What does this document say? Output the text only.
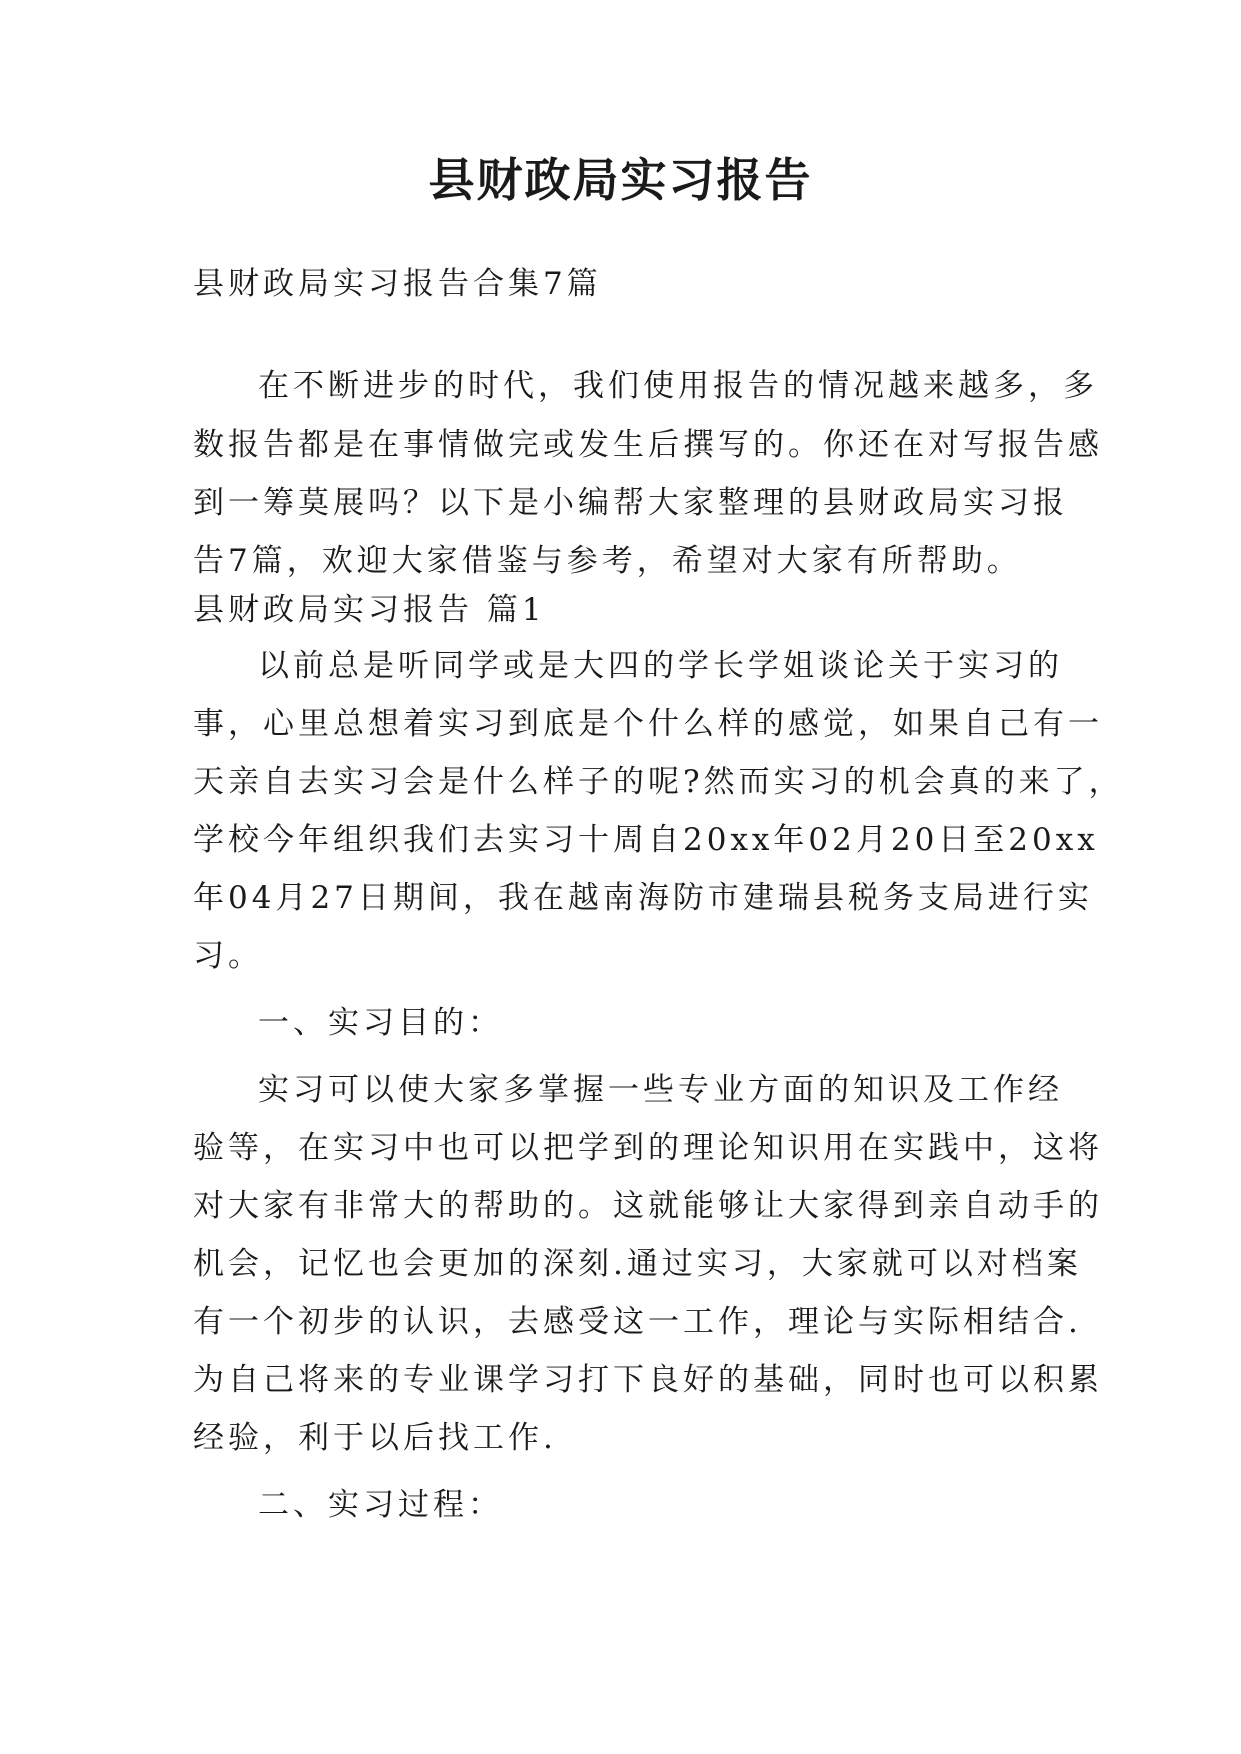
县财政局实习报告
县财政局实习报告合集7篇
在不断进步的时代，我们使用报告的情况越来越多，多
数报告都是在事情做完或发生后撰写的。你还在对写报告感
到一筹莫展吗？以下是小编帮大家整理的县财政局实习报
告7篇，欢迎大家借鉴与参考，希望对大家有所帮助。
县财政局实习报告 篇1
以前总是听同学或是大四的学长学姐谈论关于实习的
事，心里总想着实习到底是个什么样的感觉，如果自己有一
天亲自去实习会是什么样子的呢?然而实习的机会真的来了，
学校今年组织我们去实习十周自20xx年02月20日至20xx
年04月27日期间，我在越南海防市建瑞县税务支局进行实
习。
一、实习目的：
实习可以使大家多掌握一些专业方面的知识及工作经
验等，在实习中也可以把学到的理论知识用在实践中，这将
对大家有非常大的帮助的。这就能够让大家得到亲自动手的
机会，记忆也会更加的深刻.通过实习，大家就可以对档案
有一个初步的认识，去感受这一工作，理论与实际相结合.
为自己将来的专业课学习打下良好的基础，同时也可以积累
经验，利于以后找工作.
二、实习过程：
